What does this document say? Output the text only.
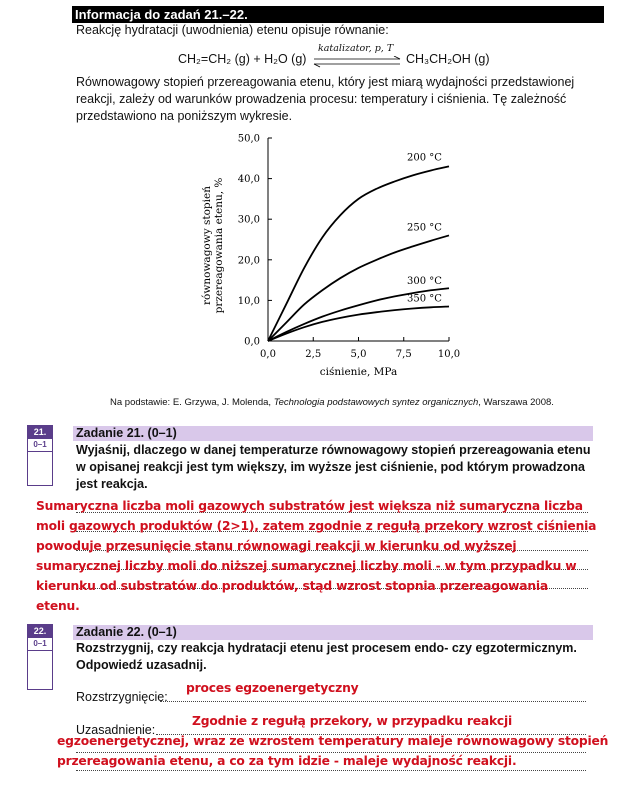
Informacja do zadań 21.–22.
Reakcję hydratacji (uwodnienia) etenu opisuje równanie:
CH₂=CH₂ (g) + H₂O (g)
katalizator, p, T
CH₃CH₂OH (g)
Równowagowy stopień przereagowania etenu, który jest miarą wydajności przedstawionej
reakcji, zależy od warunków prowadzenia procesu: temperatury i ciśnienia. Tę zależność
przedstawiono na poniższym wykresie.
0,0
10,0
20,0
30,0
40,0
50,0
0,0	2,5	5,0	7,5	10,0
ciśnienie, MPa
równowagowy stopień przereagowania etenu, %
200 °C
250 °C
300 °C
350 °C
Na podstawie: E. Grzywa, J. Molenda, Technologia podstawowych syntez organicznych, Warszawa 2008.
21.
0–1
Zadanie 21. (0–1)
Wyjaśnij, dlaczego w danej temperaturze równowagowy stopień przereagowania etenu
w opisanej reakcji jest tym większy, im wyższe jest ciśnienie, pod którym prowadzona
jest reakcja.
Sumaryczna liczba moli gazowych substratów jest większa niż sumaryczna liczba
moli gazowych produktów (2>1), zatem zgodnie z regułą przekory wzrost ciśnienia
powoduje przesunięcie stanu równowagi reakcji w kierunku od wyższej
sumarycznej liczby moli do niższej sumarycznej liczby moli - w tym przypadku w
kierunku od substratów do produktów, stąd wzrost stopnia przereagowania
etenu.
22.
0–1
Zadanie 22. (0–1)
Rozstrzygnij, czy reakcja hydratacji etenu jest procesem endo- czy egzotermicznym.
Odpowiedź uzasadnij.
Rozstrzygnięcie:
proces egzoenergetyczny
Uzasadnienie:
Zgodnie z regułą przekory, w przypadku reakcji
egzoenergetycznej, wraz ze wzrostem temperatury maleje równowagowy stopień
przereagowania etenu, a co za tym idzie - maleje wydajność reakcji.
